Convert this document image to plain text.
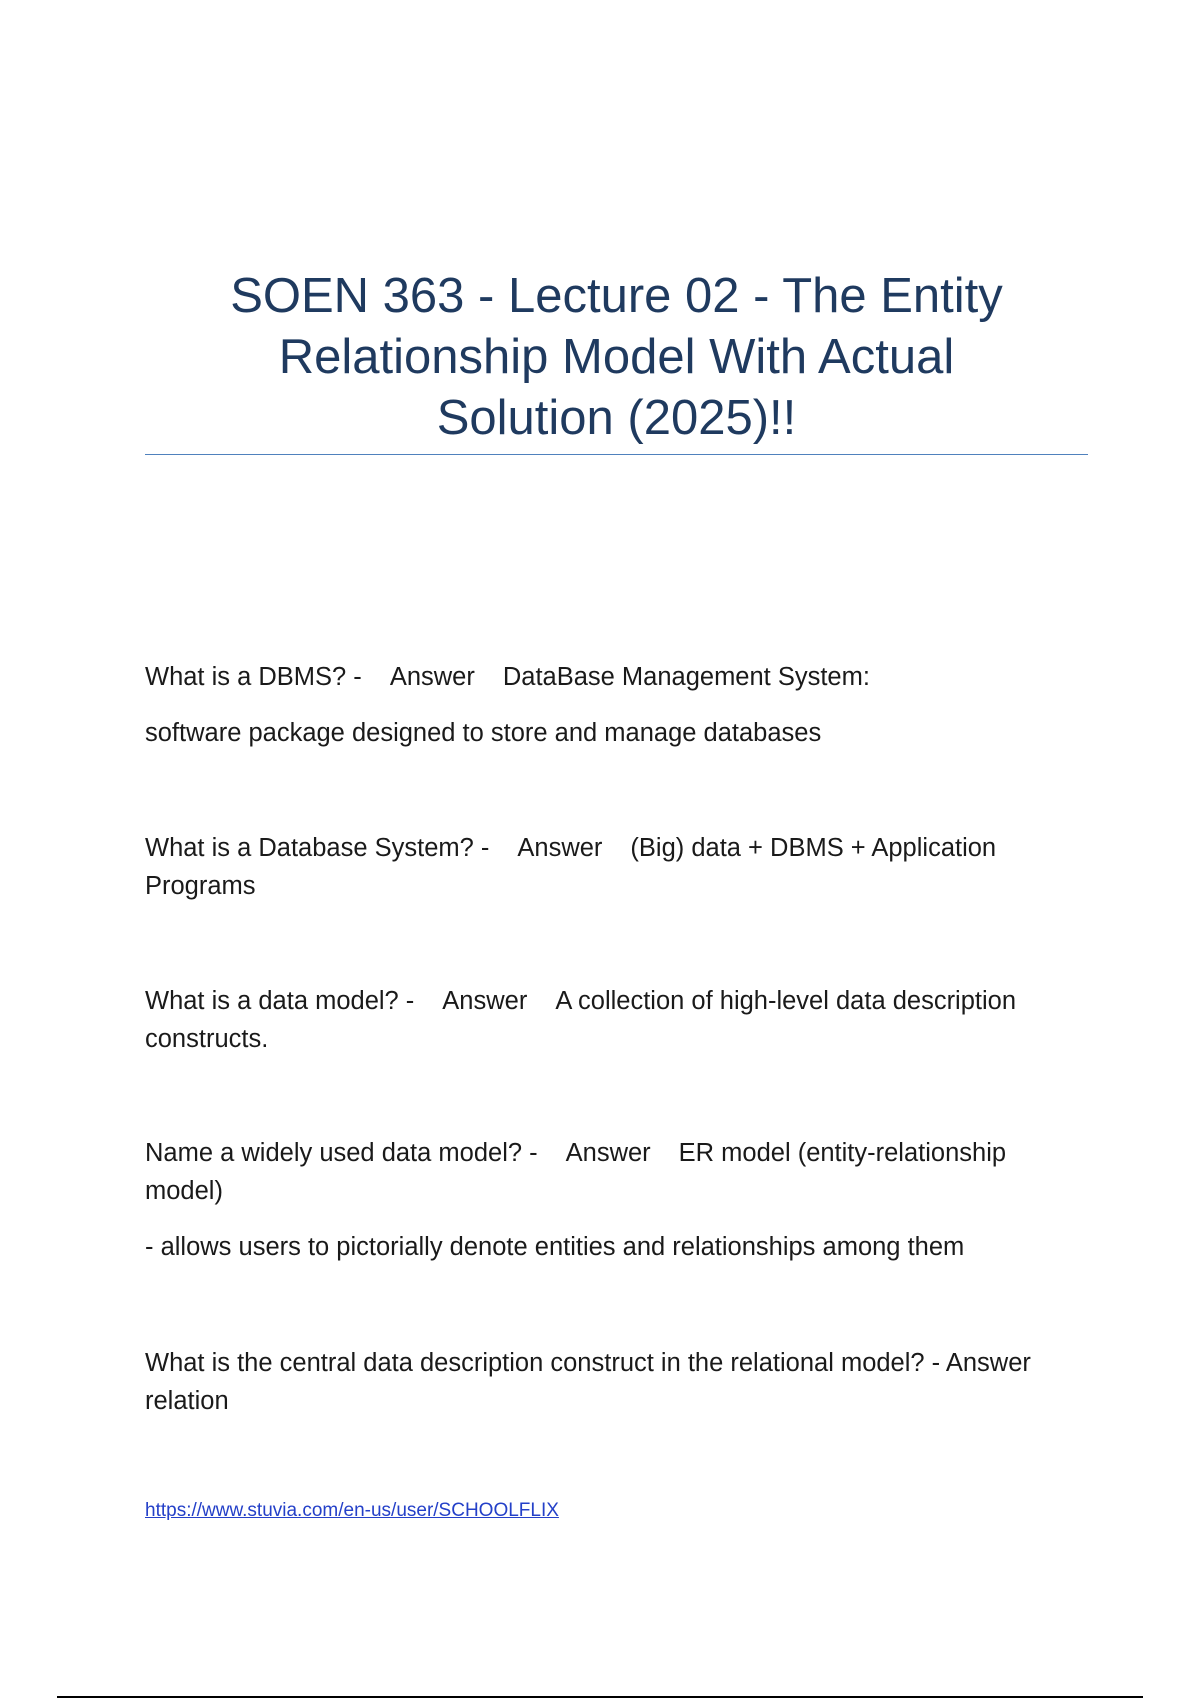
SOEN 363 - Lecture 02 - The Entity
Relationship Model With Actual
Solution (2025)!!

What is a DBMS? - Answer DataBase Management System:

software package designed to store and manage databases

What is a Database System? - Answer (Big) data + DBMS + Application Programs

What is a data model? - Answer A collection of high-level data description constructs.

Name a widely used data model? - Answer ER model (entity-relationship model)

- allows users to pictorially denote entities and relationships among them

What is the central data description construct in the relational model? - Answerrelation

https://www.stuvia.com/en-us/user/SCHOOLFLIX
